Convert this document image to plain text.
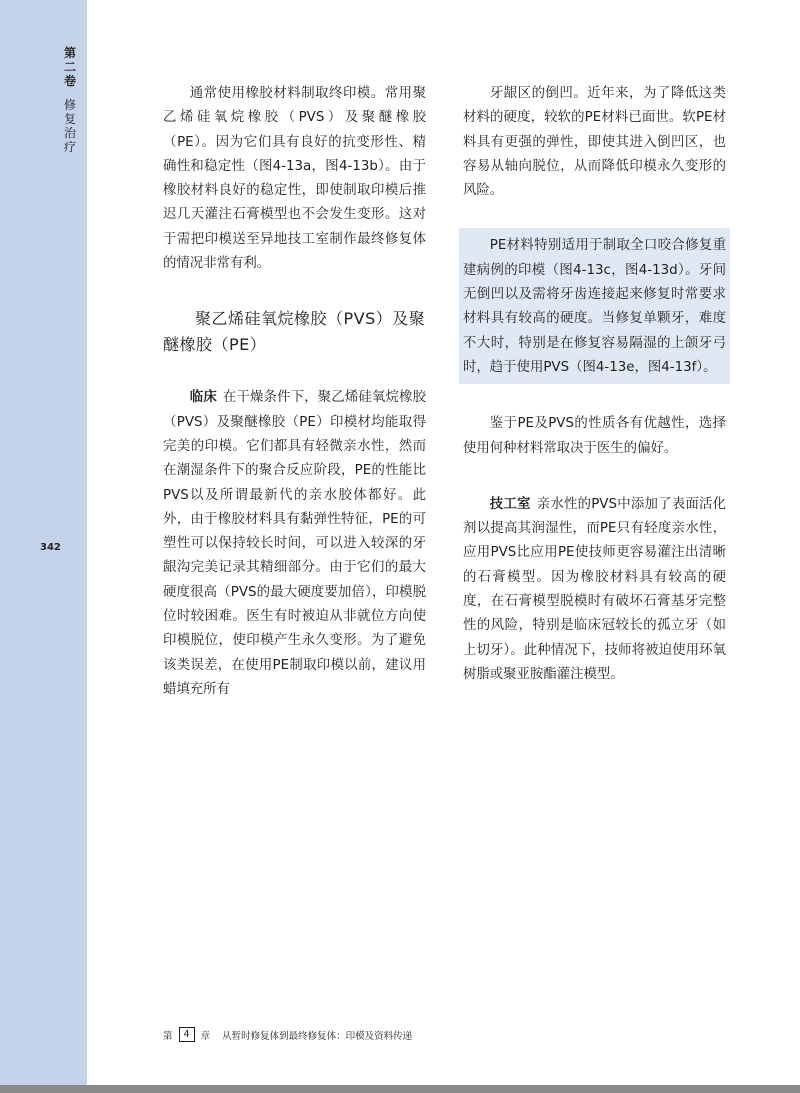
第
二
卷
修
复
治
疗
342

通常使用橡胶材料制取终印模。常用聚乙烯硅氧烷橡胶（PVS）及聚醚橡胶（PE）。因为它们具有良好的抗变形性、精确性和稳定性（图4-13a，图4-13b）。由于橡胶材料良好的稳定性，即使制取印模后推迟几天灌注石膏模型也不会发生变形。这对于需把印模送至异地技工室制作最终修复体的情况非常有利。

聚乙烯硅氧烷橡胶（PVS）及聚醚橡胶（PE）

临床 在干燥条件下，聚乙烯硅氧烷橡胶（PVS）及聚醚橡胶（PE）印模材均能取得完美的印模。它们都具有轻微亲水性，然而在潮湿条件下的聚合反应阶段，PE的性能比PVS以及所谓最新代的亲水胶体都好。此外，由于橡胶材料具有黏弹性特征，PE的可塑性可以保持较长时间，可以进入较深的牙龈沟完美记录其精细部分。由于它们的最大硬度很高（PVS的最大硬度要加倍），印模脱位时较困难。医生有时被迫从非就位方向使印模脱位，使印模产生永久变形。为了避免该类误差，在使用PE制取印模以前，建议用蜡填充所有

牙龈区的倒凹。近年来，为了降低这类材料的硬度，较软的PE材料已面世。软PE材料具有更强的弹性，即使其进入倒凹区，也容易从轴向脱位，从而降低印模永久变形的风险。

PE材料特别适用于制取全口咬合修复重建病例的印模（图4-13c，图4-13d）。牙间无倒凹以及需将牙齿连接起来修复时常要求材料具有较高的硬度。当修复单颗牙，难度不大时，特别是在修复容易隔湿的上颌牙弓时，趋于使用PVS（图4-13e，图4-13f）。

鉴于PE及PVS的性质各有优越性，选择使用何种材料常取决于医生的偏好。

技工室 亲水性的PVS中添加了表面活化剂以提高其润湿性，而PE只有轻度亲水性，应用PVS比应用PE使技师更容易灌注出清晰的石膏模型。因为橡胶材料具有较高的硬度，在石膏模型脱模时有破坏石膏基牙完整性的风险，特别是临床冠较长的孤立牙（如上切牙）。此种情况下，技师将被迫使用环氧树脂或聚亚胺酯灌注模型。

第	4	章 从暂时修复体到最终修复体：印模及资料传递
